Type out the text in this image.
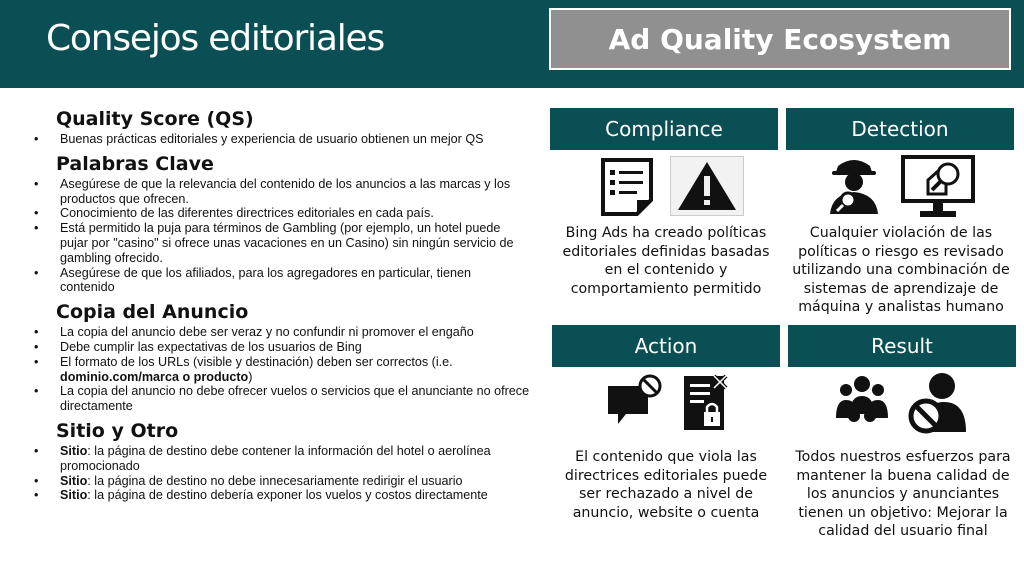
Consejos editoriales	Ad Quality Ecosystem
Quality Score (QS)
• Buenas prácticas editoriales y experiencia de usuario obtienen un mejor QS
Palabras Clave
• Asegúrese de que la relevancia del contenido de los anuncios a las marcas y los productos que ofrecen.
• Conocimiento de las diferentes directrices editoriales en cada país.
• Está permitido la puja para términos de Gambling (por ejemplo, un hotel puede pujar por "casino" si ofrece unas vacaciones en un Casino) sin ningún servicio de gambling ofrecido.
• Asegúrese de que los afiliados, para los agregadores en particular, tienen contenido
Copia del Anuncio
• La copia del anuncio debe ser veraz y no confundir ni promover el engaño
• Debe cumplir las expectativas de los usuarios de Bing
• El formato de los URLs (visible y destinación) deben ser correctos (i.e. dominio.com/marca o producto)
• La copia del anuncio no debe ofrecer vuelos o servicios que el anunciante no ofrece directamente
Sitio y Otro
• Sitio: la página de destino debe contener la información del hotel o aerolínea promocionado
• Sitio: la página de destino no debe innecesariamente redirigir el usuario
• Sitio: la página de destino debería exponer los vuelos y costos directamente
Compliance
Bing Ads ha creado políticas editoriales definidas basadas en el contenido y comportamiento permitido
Detection
Cualquier violación de las políticas o riesgo es revisado utilizando una combinación de sistemas de aprendizaje de máquina y analistas humano
Action
El contenido que viola las directrices editoriales puede ser rechazado a nivel de anuncio, website o cuenta
Result
Todos nuestros esfuerzos para mantener la buena calidad de los anuncios y anunciantes tienen un objetivo: Mejorar la calidad del usuario final
